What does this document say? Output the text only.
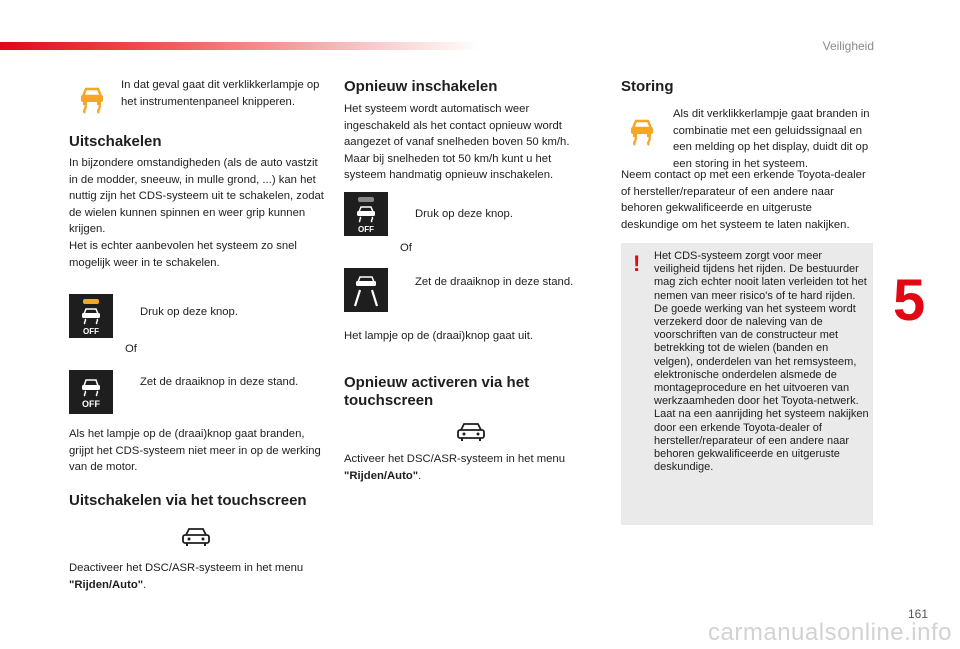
Veiligheid
5
161
In dat geval gaat dit verklikkerlampje op het instrumentenpaneel knipperen.

Uitschakelen

In bijzondere omstandigheden (als de auto vastzit in de modder, sneeuw, in mulle grond, ...) kan het nuttig zijn het CDS-systeem uit te schakelen, zodat de wielen kunnen spinnen en weer grip kunnen krijgen.

Het is echter aanbevolen het systeem zo snel mogelijk weer in te schakelen.

OFF
Druk op deze knop.
Of
OFF
Zet de draaiknop in deze stand.
Als het lampje op de (draai)knop gaat branden, grijpt het CDS-systeem niet meer in op de werking van de motor.

Uitschakelen via het touchscreen

Deactiveer het DSC/ASR-systeem in het menu "Rijden/Auto".

Opnieuw inschakelen

Het systeem wordt automatisch weer ingeschakeld als het contact opnieuw wordt aangezet of vanaf snelheden boven 50 km/h.

Maar bij snelheden tot 50 km/h kunt u het systeem handmatig opnieuw inschakelen.

OFF
Druk op deze knop.
Of
Zet de draaiknop in deze stand.
Het lampje op de (draai)knop gaat uit.

Opnieuw activeren via het touchscreen

Activeer het DSC/ASR-systeem in het menu "Rijden/Auto".

Storing

Als dit verklikkerlampje gaat branden in combinatie met een geluidssignaal en een melding op het display, duidt dit op een storing in het systeem.
Neem contact op met een erkende Toyota-dealer of hersteller/reparateur of een andere naar behoren gekwalificeerde en uitgeruste deskundige om het systeem te laten nakijken.
! Het CDS-systeem zorgt voor meer veiligheid tijdens het rijden. De bestuurder mag zich echter nooit laten verleiden tot het nemen van meer risico's of te hard rijden.
De goede werking van het systeem wordt verzekerd door de naleving van de voorschriften van de constructeur met betrekking tot de wielen (banden en velgen), onderdelen van het remsysteem, elektronische onderdelen alsmede de montageprocedure en het uitvoeren van werkzaamheden door het Toyota-netwerk.
Laat na een aanrijding het systeem nakijken door een erkende Toyota-dealer of hersteller/reparateur of een andere naar behoren gekwalificeerde en uitgeruste deskundige.
carmanualsonline.info
